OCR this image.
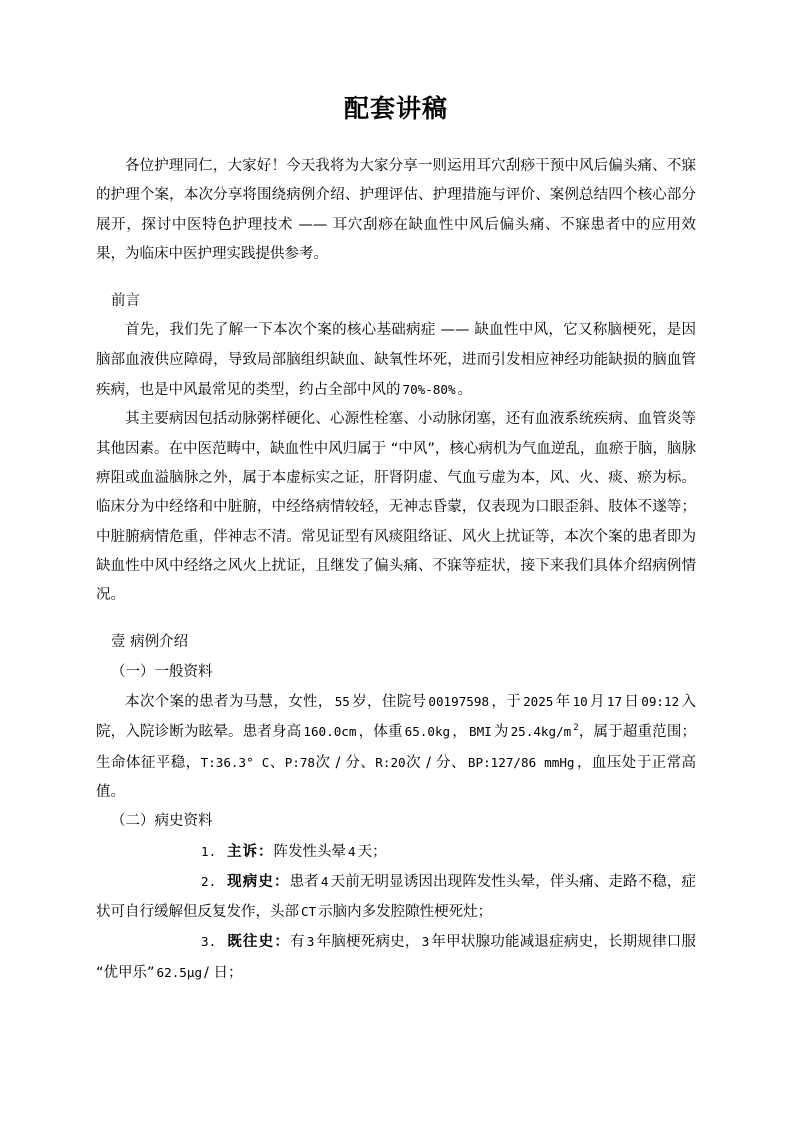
配套讲稿

各位护理同仁，大家好！今天我将为大家分享一则运用耳穴刮痧干预中风后偏头痛、不寐的护理个案，本次分享将围绕病例介绍、护理评估、护理措施与评价、案例总结四个核心部分展开，探讨中医特色护理技术 —— 耳穴刮痧在缺血性中风后偏头痛、不寐患者中的应用效果，为临床中医护理实践提供参考。

前言

首先，我们先了解一下本次个案的核心基础病症 —— 缺血性中风，它又称脑梗死，是因脑部血液供应障碍，导致局部脑组织缺血、缺氧性坏死，进而引发相应神经功能缺损的脑血管疾病，也是中风最常见的类型，约占全部中风的 70%-80% 。

其主要病因包括动脉粥样硬化、心源性栓塞、小动脉闭塞，还有血液系统疾病、血管炎等其他因素。在中医范畴中，缺血性中风归属于 “中风”，核心病机为气血逆乱，血瘀于脑，脑脉痹阻或血溢脑脉之外，属于本虚标实之证，肝肾阴虚、气血亏虚为本，风、火、痰、瘀为标。临床分为中经络和中脏腑，中经络病情较轻，无神志昏蒙，仅表现为口眼歪斜、肢体不遂等；中脏腑病情危重，伴神志不清。常见证型有风痰阻络证、风火上扰证等，本次个案的患者即为缺血性中风中经络之风火上扰证，且继发了偏头痛、不寐等症状，接下来我们具体介绍病例情况。

壹 病例介绍

（一）一般资料

本次个案的患者为马慧，女性， 55 岁，住院号 00197598 ，于 2025 年 10 月 17 日 09:12 入院，入院诊断为眩晕。患者身高 160.0cm ，体重 65.0kg ， BMI 为 25.4kg/m $^2$，属于超重范围；生命体征平稳，T:36.3° C、P:78次 / 分、R:20次 / 分、 BP:127/86 mmHg ，血压处于正常高值。

（二）病史资料

1. 主诉：阵发性头晕 4 天；
2. 现病史：患者 4 天前无明显诱因出现阵发性头晕，伴头痛、走路不稳，症状可自行缓解但反复发作，头部 CT 示脑内多发腔隙性梗死灶；
3. 既往史：有 3 年脑梗死病史， 3 年甲状腺功能减退症病史，长期规律口服 “优甲乐” 62.5μg / 日；
